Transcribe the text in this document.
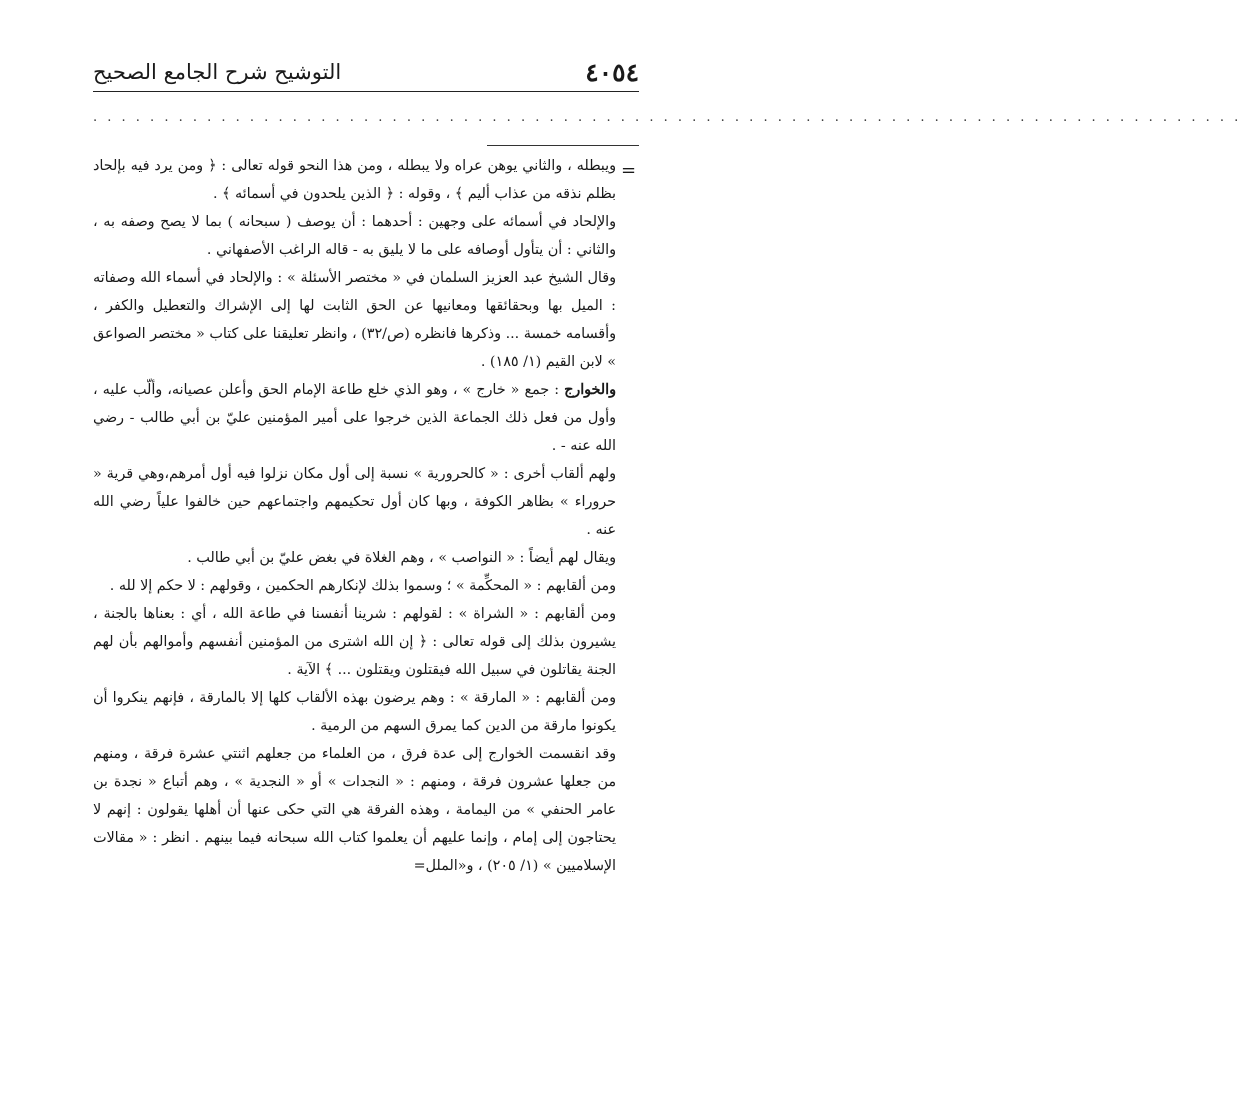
٤٠٥٤
التوشيح شرح الجامع الصحيح
. . . . . . . . . . . . . . . . . . . . . . . . . . . . . . . . . . . . . . . . . . . . . . . . . . . . . . . . . . . . . . . . . . . . . . . . . . . . . . . . .
=

ويبطله ، والثاني يوهن عراه ولا يبطله ، ومن هذا النحو قوله تعالى : ﴿ ومن يرد فيه بإلحاد بظلم نذقه من عذاب أليم ﴾ ، وقوله : ﴿ الذين يلحدون في أسمائه ﴾ .

والإلحاد في أسمائه على وجهين : أحدهما : أن يوصف ( سبحانه ) بما لا يصح وصفه به ، والثاني : أن يتأول أوصافه على ما لا يليق به - قاله الراغب الأصفهاني .

وقال الشيخ عبد العزيز السلمان في « مختصر الأسئلة » : والإلحاد في أسماء الله وصفاته : الميل بها وبحقائقها ومعانيها عن الحق الثابت لها إلى الإشراك والتعطيل والكفر ، وأقسامه خمسة ... وذكرها فانظره (ص/٣٢) ، وانظر تعليقنا على كتاب « مختصر الصواعق » لابن القيم (١/ ١٨٥) .

والخوارج : جمع « خارج » ، وهو الذي خلع طاعة الإمام الحق وأعلن عصيانه، وألّب عليه ، وأول من فعل ذلك الجماعة الذين خرجوا على أمير المؤمنين عليّ بن أبي طالب - رضي الله عنه - .

ولهم ألقاب أخرى : « كالحرورية » نسبة إلى أول مكان نزلوا فيه أول أمرهم،وهي قرية « حروراء » بظاهر الكوفة ، وبها كان أول تحكيمهم واجتماعهم حين خالفوا علياً رضي الله عنه .

ويقال لهم أيضاً : « النواصب » ، وهم الغلاة في بغض عليّ بن أبي طالب .

ومن ألقابهم : « المحكِّمة » ؛ وسموا بذلك لإنكارهم الحكمين ، وقولهم : لا حكم إلا لله .

ومن ألقابهم : « الشراة » : لقولهم : شرينا أنفسنا في طاعة الله ، أي : بعناها بالجنة ، يشيرون بذلك إلى قوله تعالى : ﴿ إن الله اشترى من المؤمنين أنفسهم وأموالهم بأن لهم الجنة يقاتلون في سبيل الله فيقتلون ويقتلون ... ﴾ الآية .

ومن ألقابهم : « المارقة » : وهم يرضون بهذه الألقاب كلها إلا بالمارقة ، فإنهم ينكروا أن يكونوا مارقة من الدين كما يمرق السهم من الرمية .

وقد انقسمت الخوارج إلى عدة فرق ، من العلماء من جعلهم اثنتي عشرة فرقة ، ومنهم من جعلها عشرون فرقة ، ومنهم : « النجدات » أو « النجدية » ، وهم أتباع « نجدة بن عامر الحنفي » من اليمامة ، وهذه الفرقة هي التي حكى عنها أن أهلها يقولون : إنهم لا يحتاجون إلى إمام ، وإنما عليهم أن يعلموا كتاب الله سبحانه فيما بينهم . انظر : « مقالات الإسلاميين » (١/ ٢٠٥) ، و«الملل=
